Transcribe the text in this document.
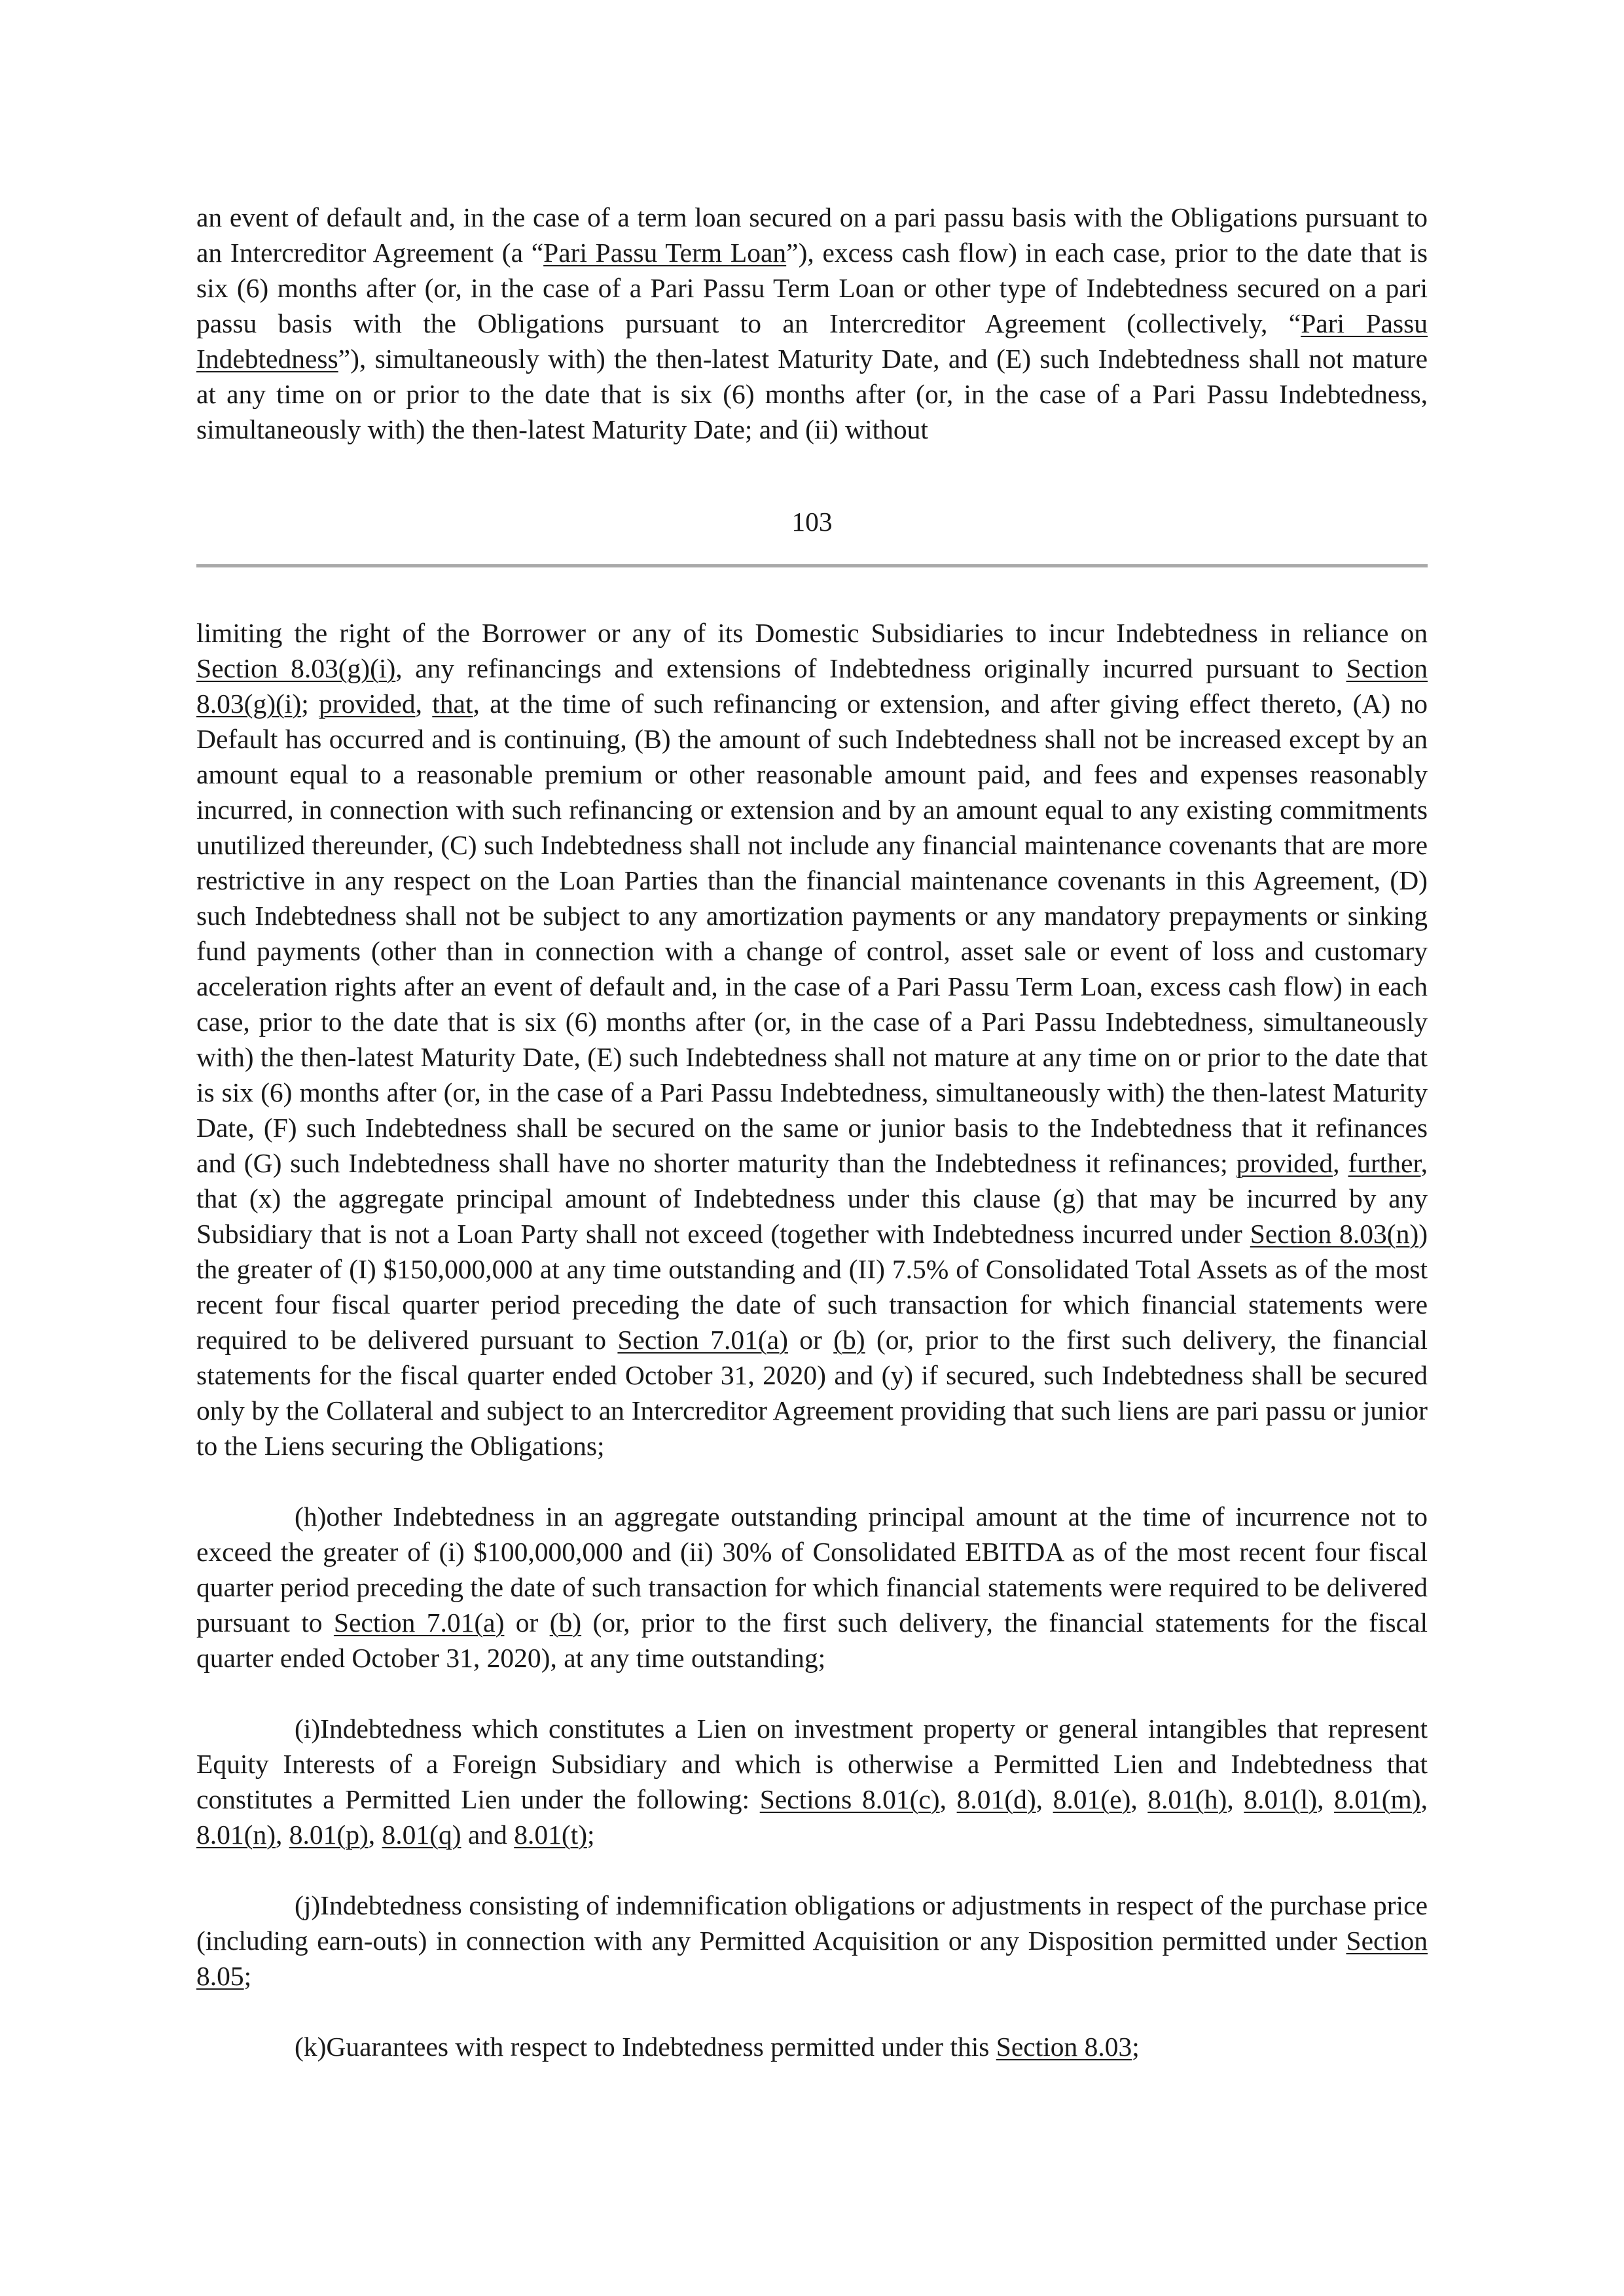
an event of default and, in the case of a term loan secured on a pari passu basis with the Obligations pursuant to an Intercreditor Agreement (a “Pari Passu Term Loan”), excess cash flow) in each case, prior to the date that is six (6) months after (or, in the case of a Pari Passu Term Loan or other type of Indebtedness secured on a pari passu basis with the Obligations pursuant to an Intercreditor Agreement (collectively, “Pari Passu Indebtedness”), simultaneously with) the then-latest Maturity Date, and (E) such Indebtedness shall not mature at any time on or prior to the date that is six (6) months after (or, in the case of a Pari Passu Indebtedness, simultaneously with) the then-latest Maturity Date; and (ii) without

103

limiting the right of the Borrower or any of its Domestic Subsidiaries to incur Indebtedness in reliance on Section 8.03(g)(i), any refinancings and extensions of Indebtedness originally incurred pursuant to Section 8.03(g)(i); provided, that, at the time of such refinancing or extension, and after giving effect thereto, (A) no Default has occurred and is continuing, (B) the amount of such Indebtedness shall not be increased except by an amount equal to a reasonable premium or other reasonable amount paid, and fees and expenses reasonably incurred, in connection with such refinancing or extension and by an amount equal to any existing commitments unutilized thereunder, (C) such Indebtedness shall not include any financial maintenance covenants that are more restrictive in any respect on the Loan Parties than the financial maintenance covenants in this Agreement, (D) such Indebtedness shall not be subject to any amortization payments or any mandatory prepayments or sinking fund payments (other than in connection with a change of control, asset sale or event of loss and customary acceleration rights after an event of default and, in the case of a Pari Passu Term Loan, excess cash flow) in each case, prior to the date that is six (6) months after (or, in the case of a Pari Passu Indebtedness, simultaneously with) the then-latest Maturity Date, (E) such Indebtedness shall not mature at any time on or prior to the date that is six (6) months after (or, in the case of a Pari Passu Indebtedness, simultaneously with) the then-latest Maturity Date, (F) such Indebtedness shall be secured on the same or junior basis to the Indebtedness that it refinances and (G) such Indebtedness shall have no shorter maturity than the Indebtedness it refinances; provided, further, that (x) the aggregate principal amount of Indebtedness under this clause (g) that may be incurred by any Subsidiary that is not a Loan Party shall not exceed (together with Indebtedness incurred under Section 8.03(n)) the greater of (I) $150,000,000 at any time outstanding and (II) 7.5% of Consolidated Total Assets as of the most recent four fiscal quarter period preceding the date of such transaction for which financial statements were required to be delivered pursuant to Section 7.01(a) or (b) (or, prior to the first such delivery, the financial statements for the fiscal quarter ended October 31, 2020) and (y) if secured, such Indebtedness shall be secured only by the Collateral and subject to an Intercreditor Agreement providing that such liens are pari passu or junior to the Liens securing the Obligations;

(h)other Indebtedness in an aggregate outstanding principal amount at the time of incurrence not to exceed the greater of (i) $100,000,000 and (ii) 30% of Consolidated EBITDA as of the most recent four fiscal quarter period preceding the date of such transaction for which financial statements were required to be delivered pursuant to Section 7.01(a) or (b) (or, prior to the first such delivery, the financial statements for the fiscal quarter ended October 31, 2020), at any time outstanding;

(i)Indebtedness which constitutes a Lien on investment property or general intangibles that represent Equity Interests of a Foreign Subsidiary and which is otherwise a Permitted Lien and Indebtedness that constitutes a Permitted Lien under the following: Sections 8.01(c), 8.01(d), 8.01(e), 8.01(h), 8.01(l), 8.01(m), 8.01(n), 8.01(p), 8.01(q) and 8.01(t);

(j)Indebtedness consisting of indemnification obligations or adjustments in respect of the purchase price (including earn-outs) in connection with any Permitted Acquisition or any Disposition permitted under Section 8.05;

(k)Guarantees with respect to Indebtedness permitted under this Section 8.03;
